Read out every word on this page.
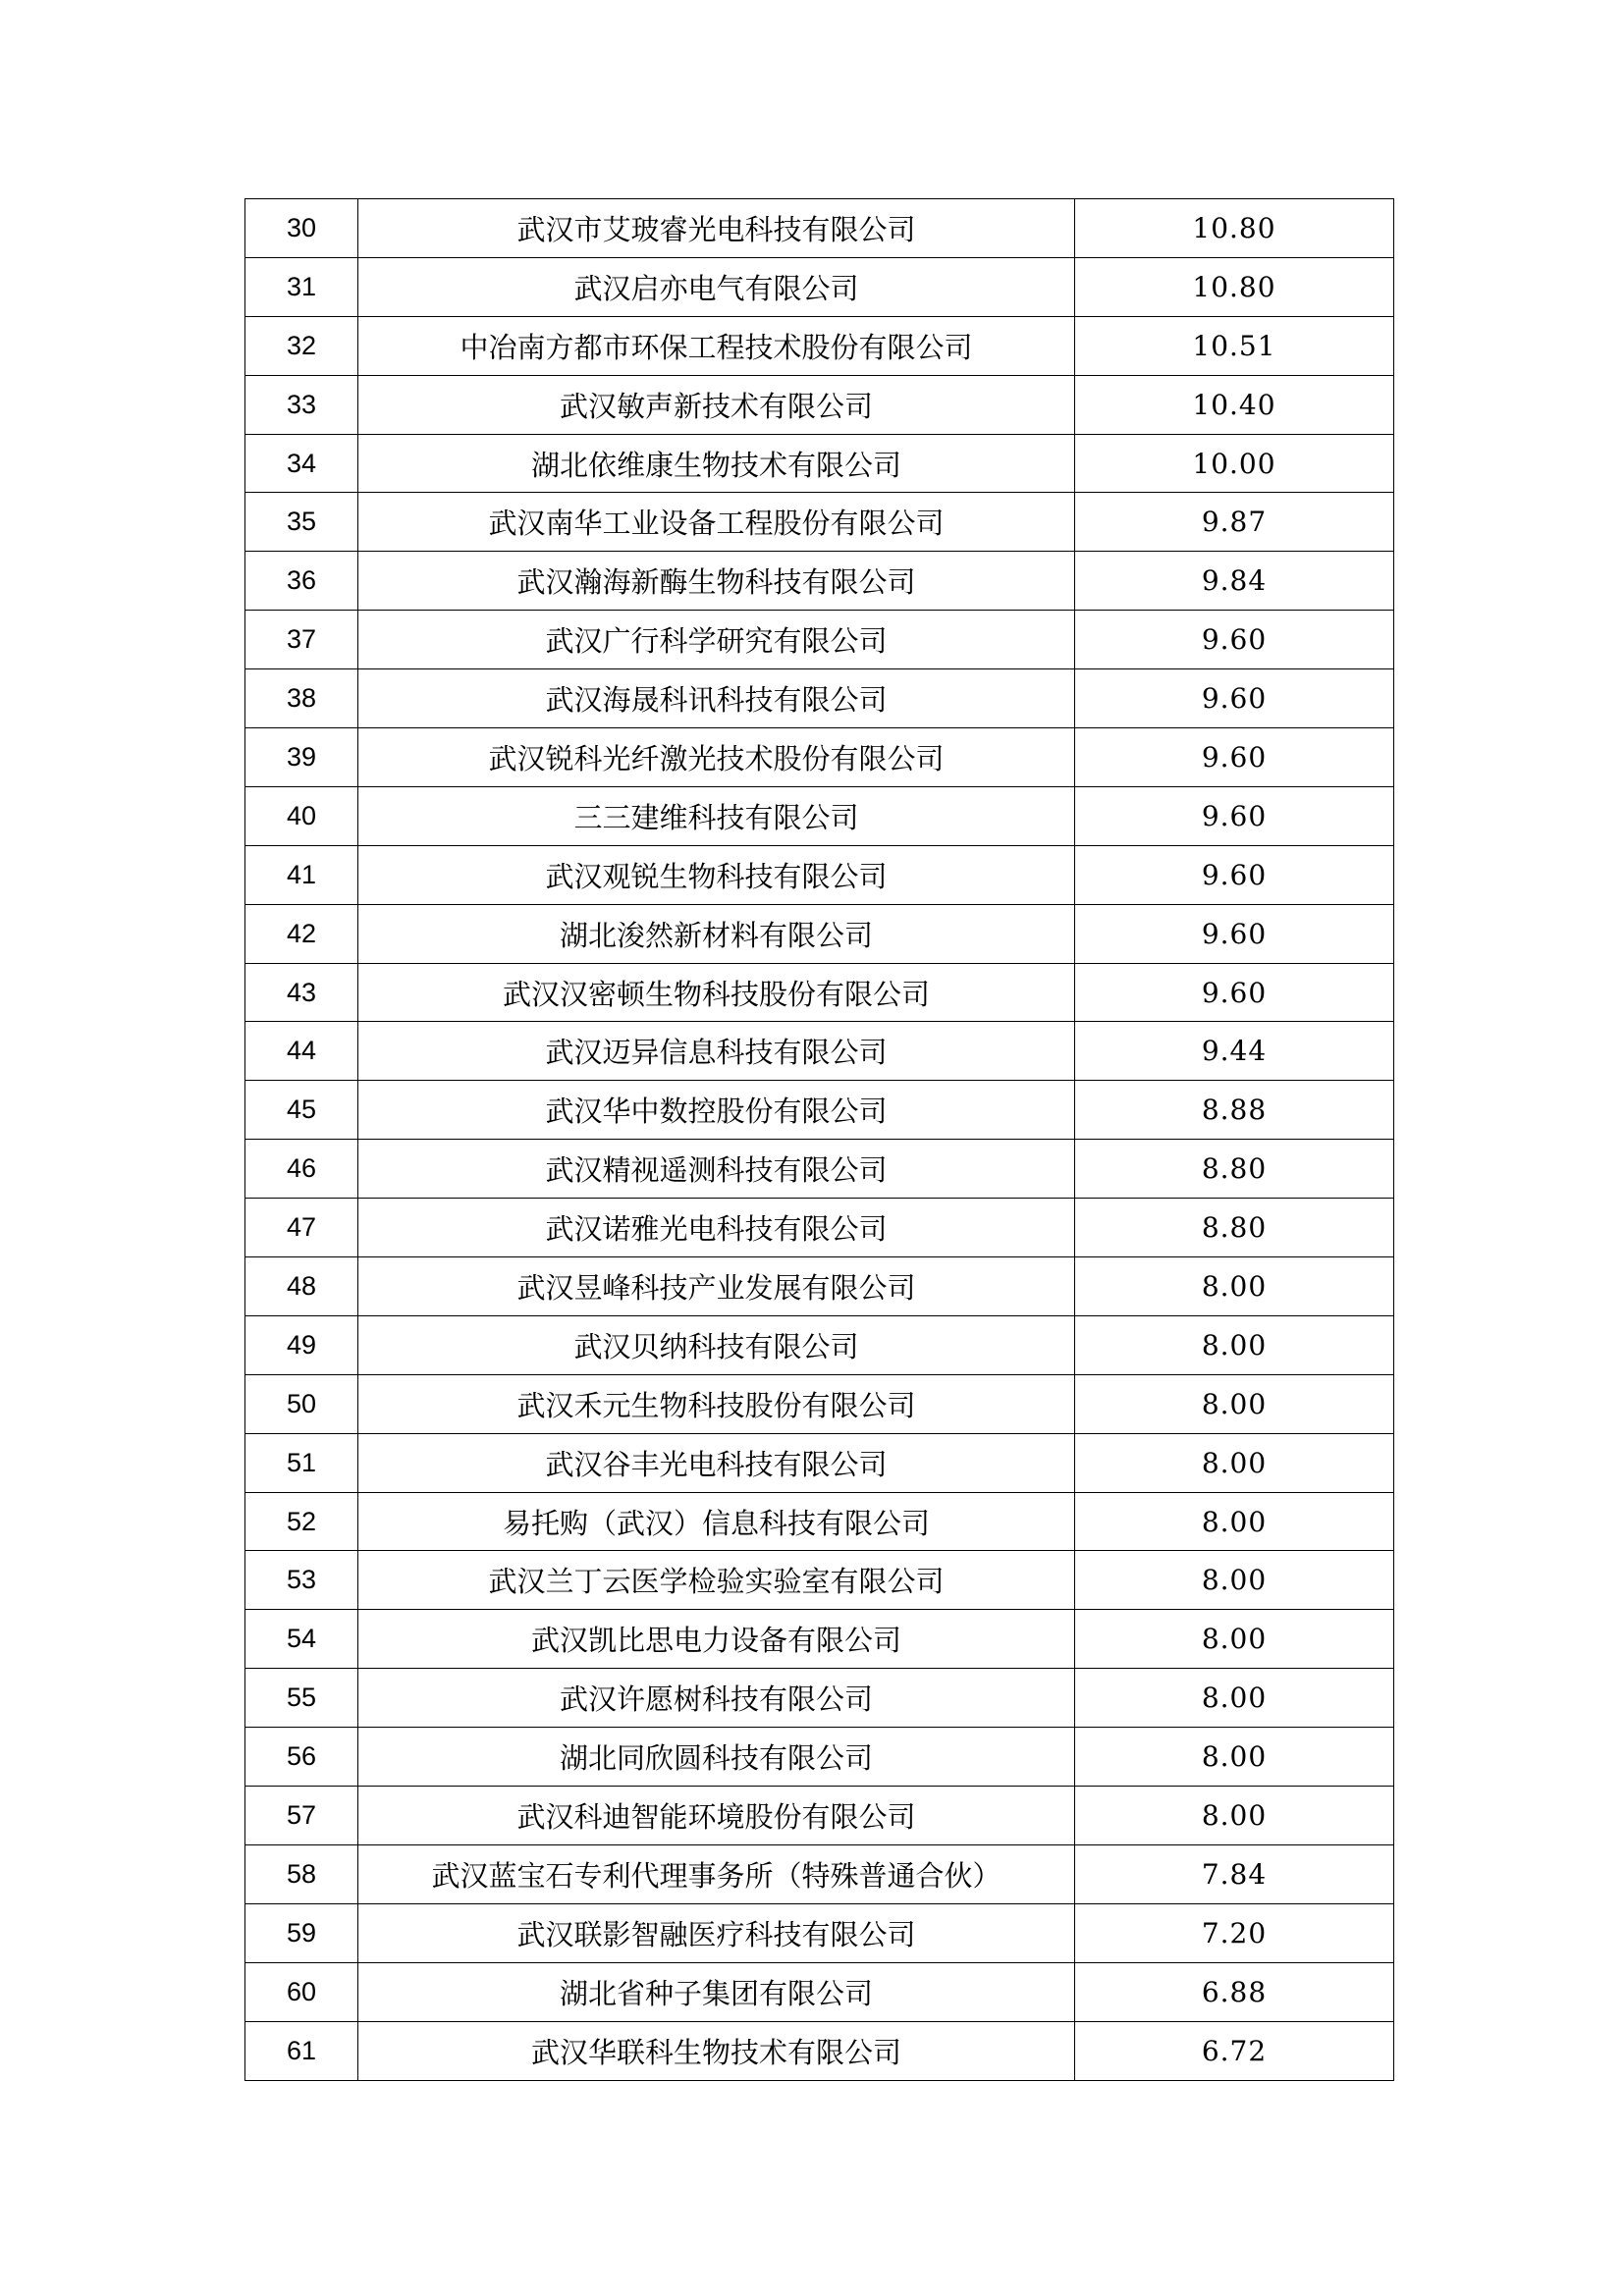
30	武汉市艾玻睿光电科技有限公司	10.80
31	武汉启亦电气有限公司	10.80
32	中冶南方都市环保工程技术股份有限公司	10.51
33	武汉敏声新技术有限公司	10.40
34	湖北依维康生物技术有限公司	10.00
35	武汉南华工业设备工程股份有限公司	9.87
36	武汉瀚海新酶生物科技有限公司	9.84
37	武汉广行科学研究有限公司	9.60
38	武汉海晟科讯科技有限公司	9.60
39	武汉锐科光纤激光技术股份有限公司	9.60
40	三三建维科技有限公司	9.60
41	武汉观锐生物科技有限公司	9.60
42	湖北浚然新材料有限公司	9.60
43	武汉汉密顿生物科技股份有限公司	9.60
44	武汉迈异信息科技有限公司	9.44
45	武汉华中数控股份有限公司	8.88
46	武汉精视遥测科技有限公司	8.80
47	武汉诺雅光电科技有限公司	8.80
48	武汉昱峰科技产业发展有限公司	8.00
49	武汉贝纳科技有限公司	8.00
50	武汉禾元生物科技股份有限公司	8.00
51	武汉谷丰光电科技有限公司	8.00
52	易托购（武汉）信息科技有限公司	8.00
53	武汉兰丁云医学检验实验室有限公司	8.00
54	武汉凯比思电力设备有限公司	8.00
55	武汉许愿树科技有限公司	8.00
56	湖北同欣圆科技有限公司	8.00
57	武汉科迪智能环境股份有限公司	8.00
58	武汉蓝宝石专利代理事务所（特殊普通合伙）	7.84
59	武汉联影智融医疗科技有限公司	7.20
60	湖北省种子集团有限公司	6.88
61	武汉华联科生物技术有限公司	6.72
